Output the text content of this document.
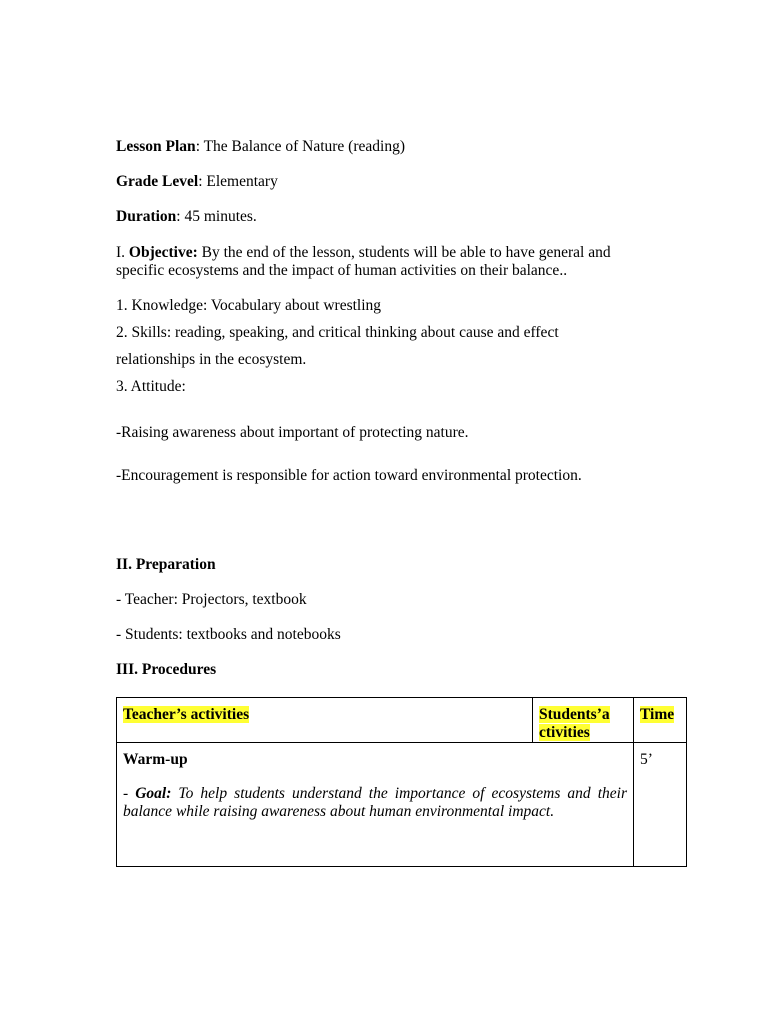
Lesson Plan: The Balance of Nature (reading)
Grade Level: Elementary
Duration: 45 minutes.
I. Objective: By the end of the lesson, students will be able to have general and specific ecosystems and the impact of human activities on their balance..
1. Knowledge: Vocabulary about wrestling
2. Skills: reading, speaking, and critical thinking about cause and effect
relationships in the ecosystem.
3. Attitude:
-Raising awareness about important of protecting nature.
-Encouragement is responsible for action toward environmental protection.
II. Preparation
- Teacher: Projectors, textbook
- Students: textbooks and notebooks
III. Procedures
Teacher’s activities	Students’a ctivities	Time

Warm-up
- Goal: To help students understand the importance of ecosystems and their balance while raising awareness about human environmental impact.		5’
